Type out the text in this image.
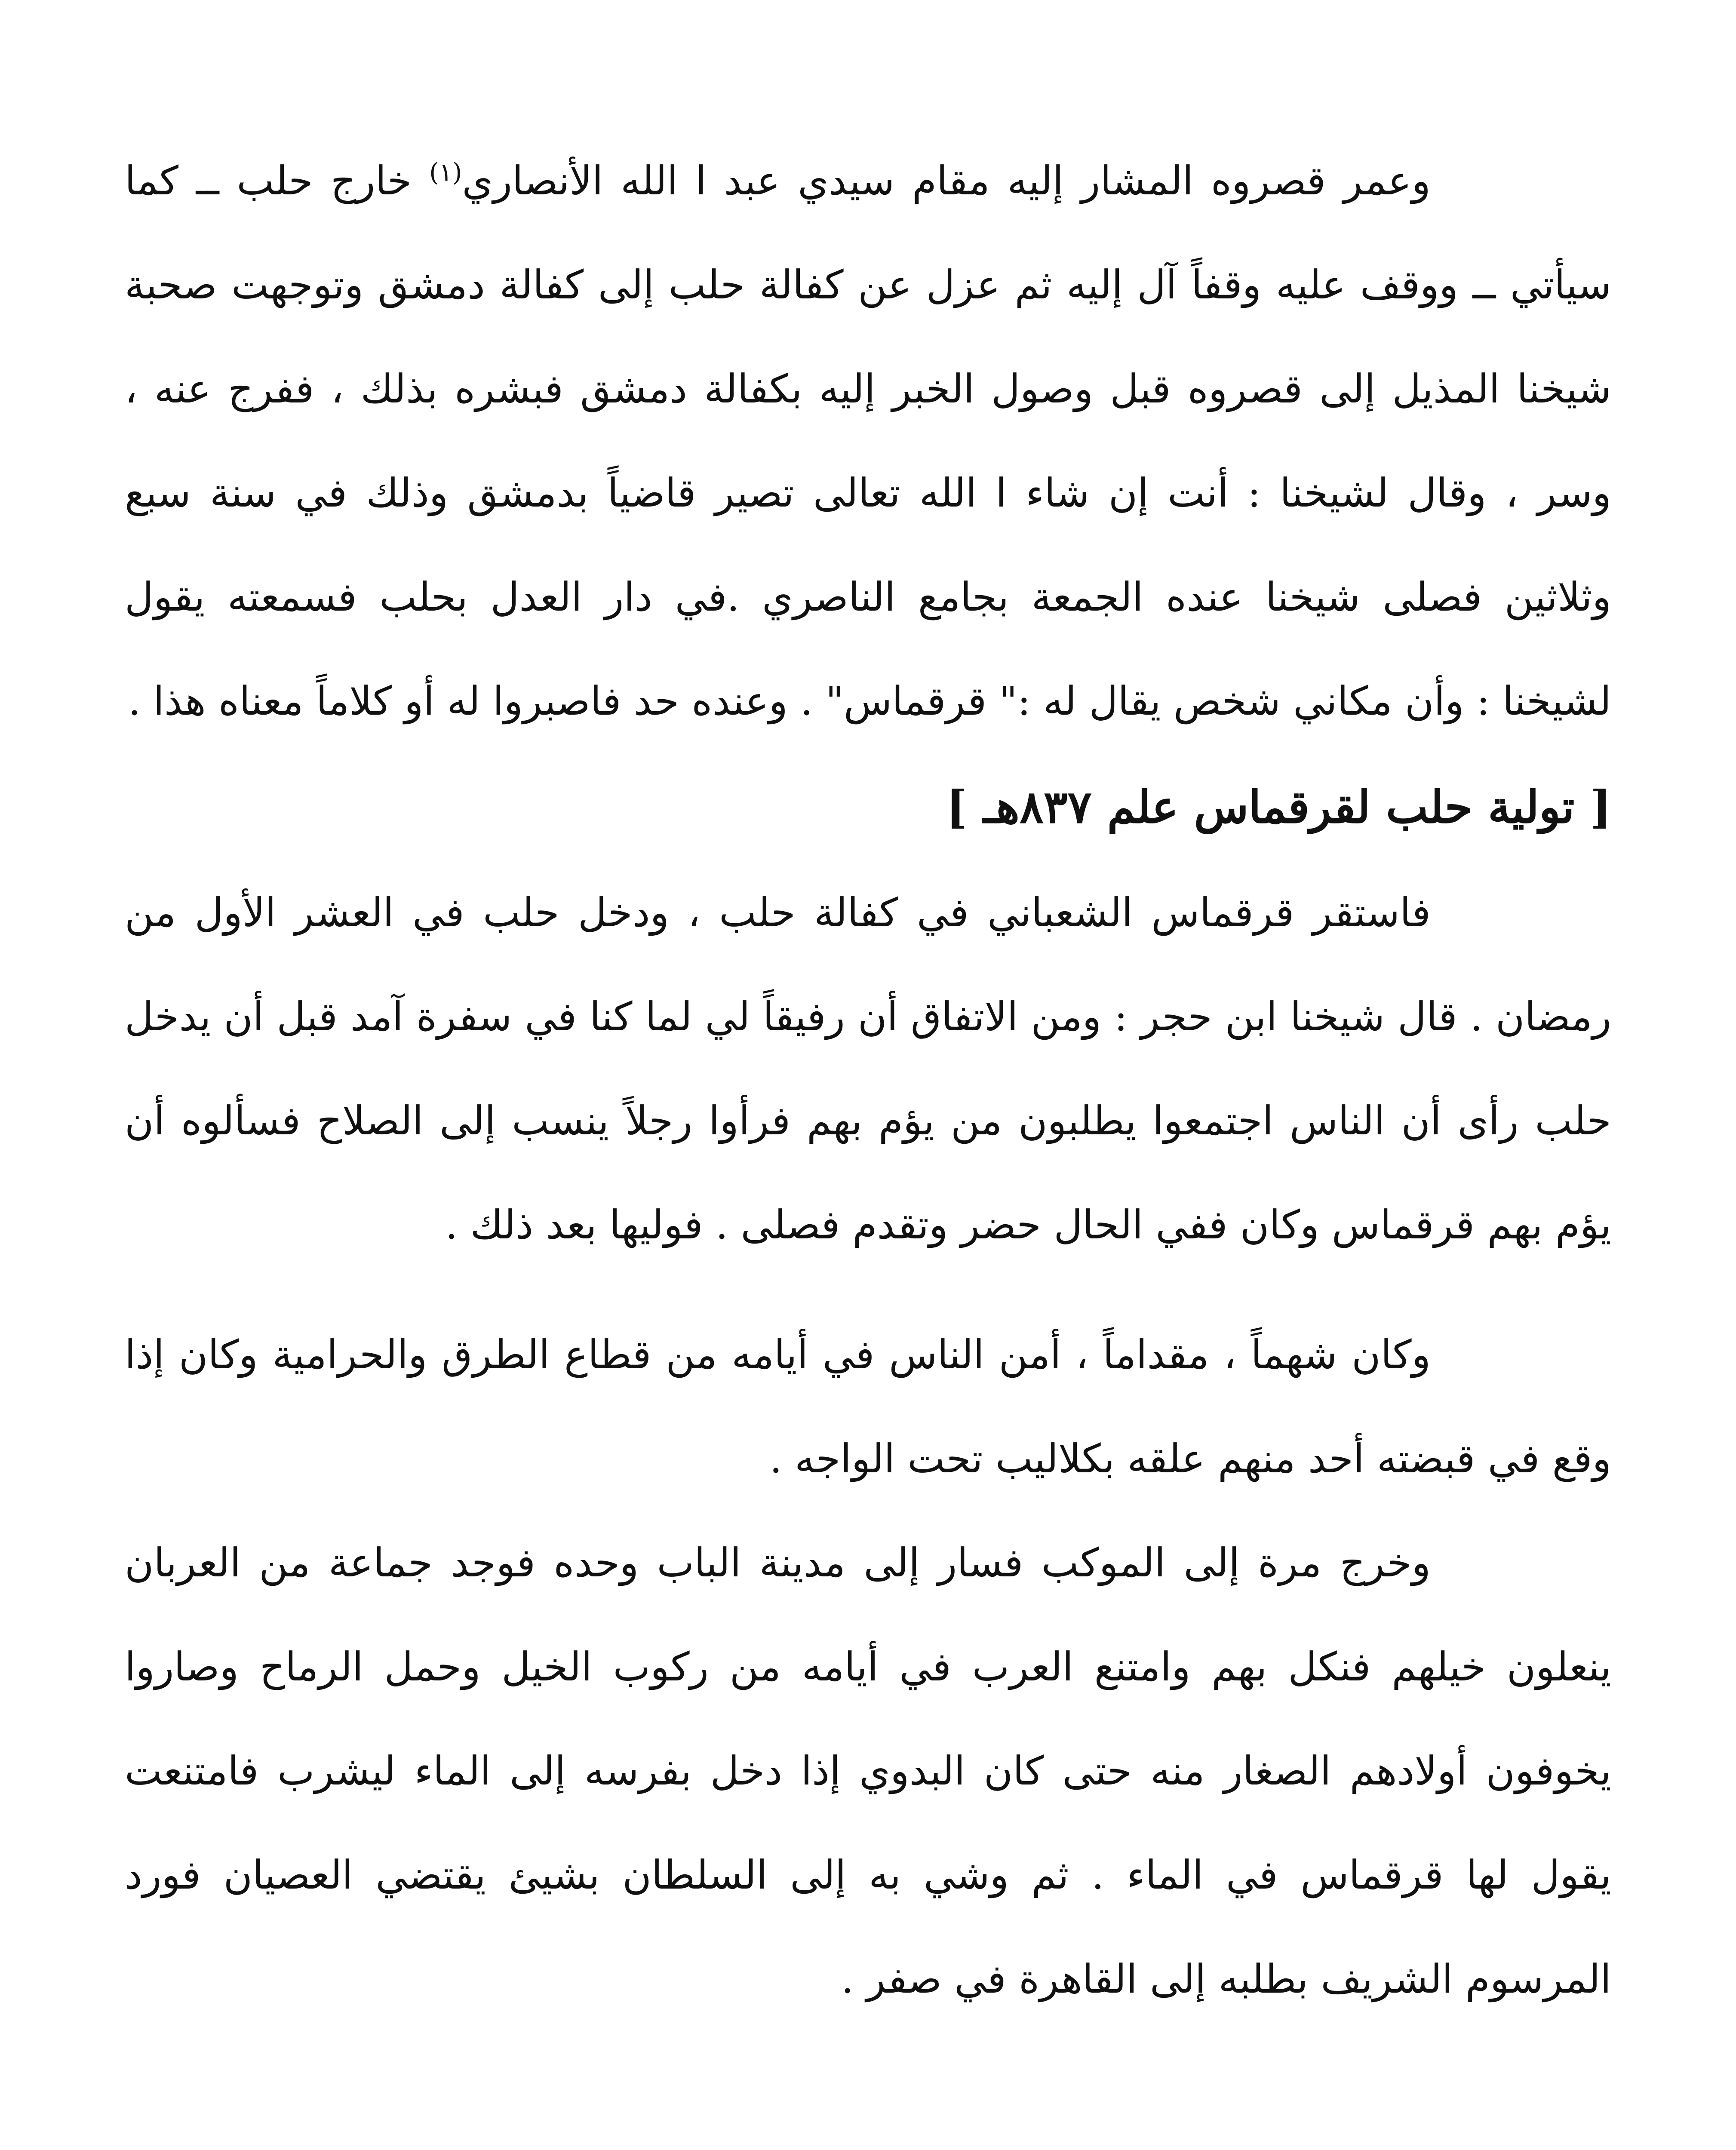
وعمر قصروه المشار إليه مقام سيدي عبد ا الله الأنصاري$^{(١)}$ خارج حلب ــ كما سيأتي ــ ووقف عليه وقفاً آل إليه ثم عزل عن كفالة حلب إلى كفالة دمشق وتوجهت صحبة شيخنا المذيل إلى قصروه قبل وصول الخبر إليه بكفالة دمشق فبشره بذلك ، ففرج عنه ، وسر ، وقال لشيخنا : أنت إن شاء ا الله تعالى تصير قاضياً بدمشق وذلك في سنة سبع وثلاثين فصلى شيخنا عنده الجمعة بجامع الناصري .في دار العدل بحلب فسمعته يقول لشيخنا : وأن مكاني شخص يقال له :" قرقماس" . وعنده حد فاصبروا له أو كلاماً معناه هذا .

[ تولية حلب لقرقماس علم ٨٣٧هـ ]

فاستقر قرقماس الشعباني في كفالة حلب ، ودخل حلب في العشر الأول من رمضان . قال شيخنا ابن حجر : ومن الاتفاق أن رفيقاً لي لما كنا في سفرة آمد قبل أن يدخل حلب رأى أن الناس اجتمعوا يطلبون من يؤم بهم فرأوا رجلاً ينسب إلى الصلاح فسألوه أن يؤم بهم قرقماس وكان ففي الحال حضر وتقدم فصلى . فوليها بعد ذلك .

وكان شهماً ، مقداماً ، أمن الناس في أيامه من قطاع الطرق والحرامية وكان إذا وقع في قبضته أحد منهم علقه بكلاليب تحت الواجه .

وخرج مرة إلى الموكب فسار إلى مدينة الباب وحده فوجد جماعة من العربان ينعلون خيلهم فنكل بهم وامتنع العرب في أيامه من ركوب الخيل وحمل الرماح وصاروا يخوفون أولادهم الصغار منه حتى كان البدوي إذا دخل بفرسه إلى الماء ليشرب فامتنعت يقول لها قرقماس في الماء . ثم وشي به إلى السلطان بشيئ يقتضي العصيان فورد المرسوم الشريف بطلبه إلى القاهرة في صفر .
